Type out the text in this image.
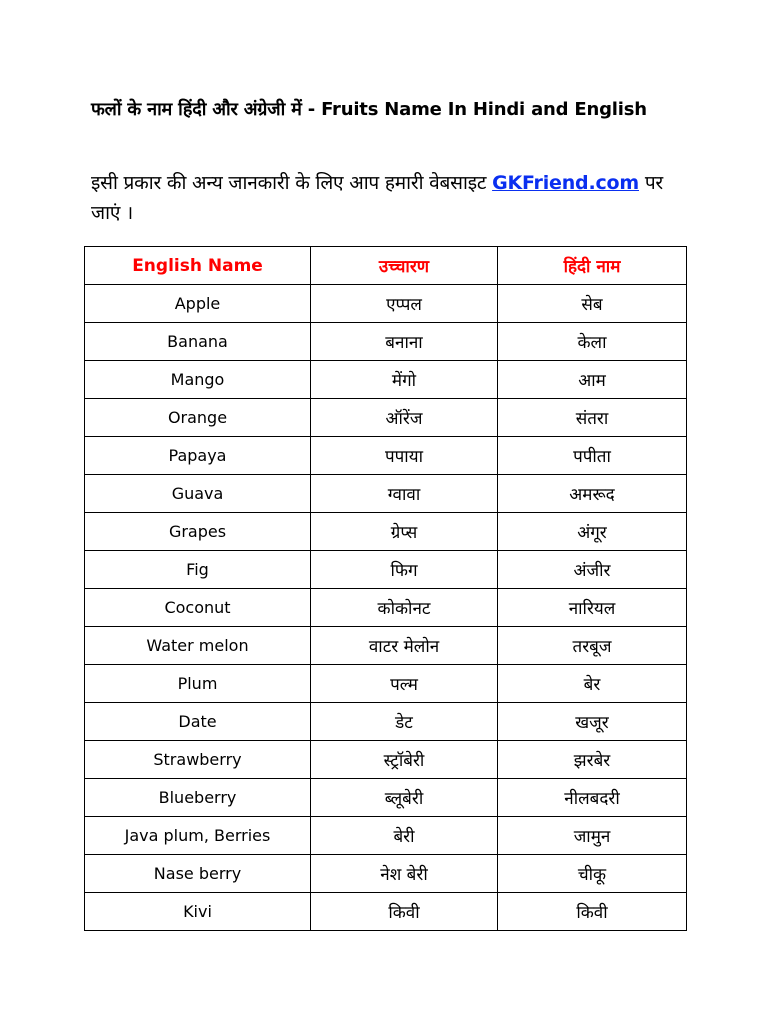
फलों के नाम हिंदी और अंग्रेजी में - Fruits Name In Hindi and English
इसी प्रकार की अन्य जानकारी के लिए आप हमारी वेबसाइट GKFriend.com पर जाएं ।
English Name	उच्चारण	हिंदी नाम
Apple	एप्पल	सेब
Banana	बनाना	केला
Mango	मेंगो	आम
Orange	ऑरेंज	संतरा
Papaya	पपाया	पपीता
Guava	ग्वावा	अमरूद
Grapes	ग्रेप्स	अंगूर
Fig	फिग	अंजीर
Coconut	कोकोनट	नारियल
Water melon	वाटर मेलोन	तरबूज
Plum	पल्म	बेर
Date	डेट	खजूर
Strawberry	स्ट्रॉबेरी	झरबेर
Blueberry	ब्लूबेरी	नीलबदरी
Java plum, Berries	बेरी	जामुन
Nase berry	नेश बेरी	चीकू
Kivi	किवी	किवी
